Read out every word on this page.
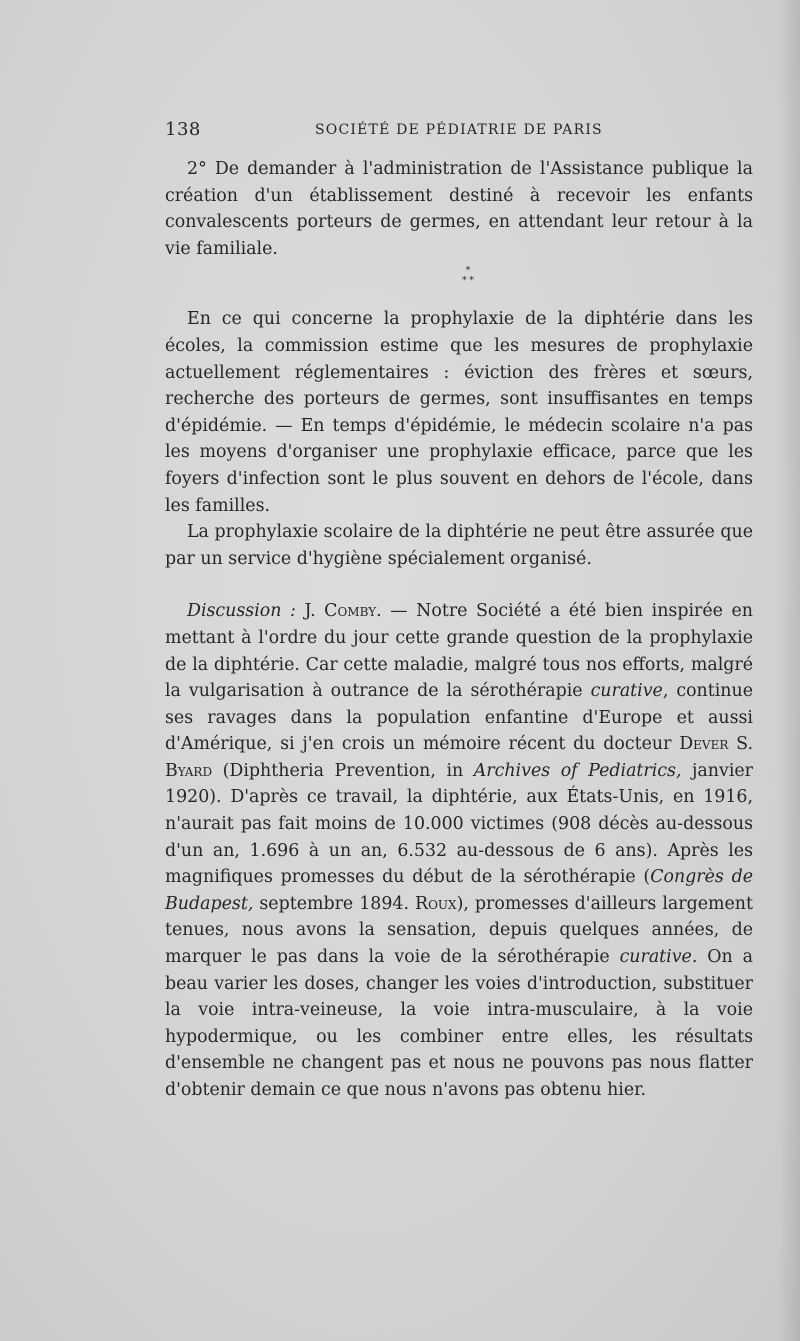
138	SOCIÉTÉ DE PÉDIATRIE DE PARIS

2° De demander à l'administration de l'Assistance publique la création d'un établissement destiné à recevoir les enfants convalescents porteurs de germes, en attendant leur retour à la vie familiale.

*
* *

En ce qui concerne la prophylaxie de la diphtérie dans les écoles, la commission estime que les mesures de prophylaxie actuellement réglementaires : éviction des frères et sœurs, recherche des porteurs de germes, sont insuffisantes en temps d'épidémie. — En temps d'épidémie, le médecin scolaire n'a pas les moyens d'organiser une prophylaxie efficace, parce que les foyers d'infection sont le plus souvent en dehors de l'école, dans les familles.

La prophylaxie scolaire de la diphtérie ne peut être assurée que par un service d'hygiène spécialement organisé.

Discussion : J. Comby. — Notre Société a été bien inspirée en mettant à l'ordre du jour cette grande question de la prophylaxie de la diphtérie. Car cette maladie, malgré tous nos efforts, malgré la vulgarisation à outrance de la sérothérapie curative, continue ses ravages dans la population enfantine d'Europe et aussi d'Amérique, si j'en crois un mémoire récent du docteur Dever S. Byard (Diphtheria Prevention, in Archives of Pediatrics, janvier 1920). D'après ce travail, la diphtérie, aux États-Unis, en 1916, n'aurait pas fait moins de 10.000 victimes (908 décès au-dessous d'un an, 1.696 à un an, 6.532 au-dessous de 6 ans). Après les magnifiques promesses du début de la sérothérapie (Congrès de Budapest, septembre 1894. Roux), promesses d'ailleurs largement tenues, nous avons la sensation, depuis quelques années, de marquer le pas dans la voie de la sérothérapie curative. On a beau varier les doses, changer les voies d'introduction, substituer la voie intra-veineuse, la voie intra-musculaire, à la voie hypodermique, ou les combiner entre elles, les résultats d'ensemble ne changent pas et nous ne pouvons pas nous flatter d'obtenir demain ce que nous n'avons pas obtenu hier.
